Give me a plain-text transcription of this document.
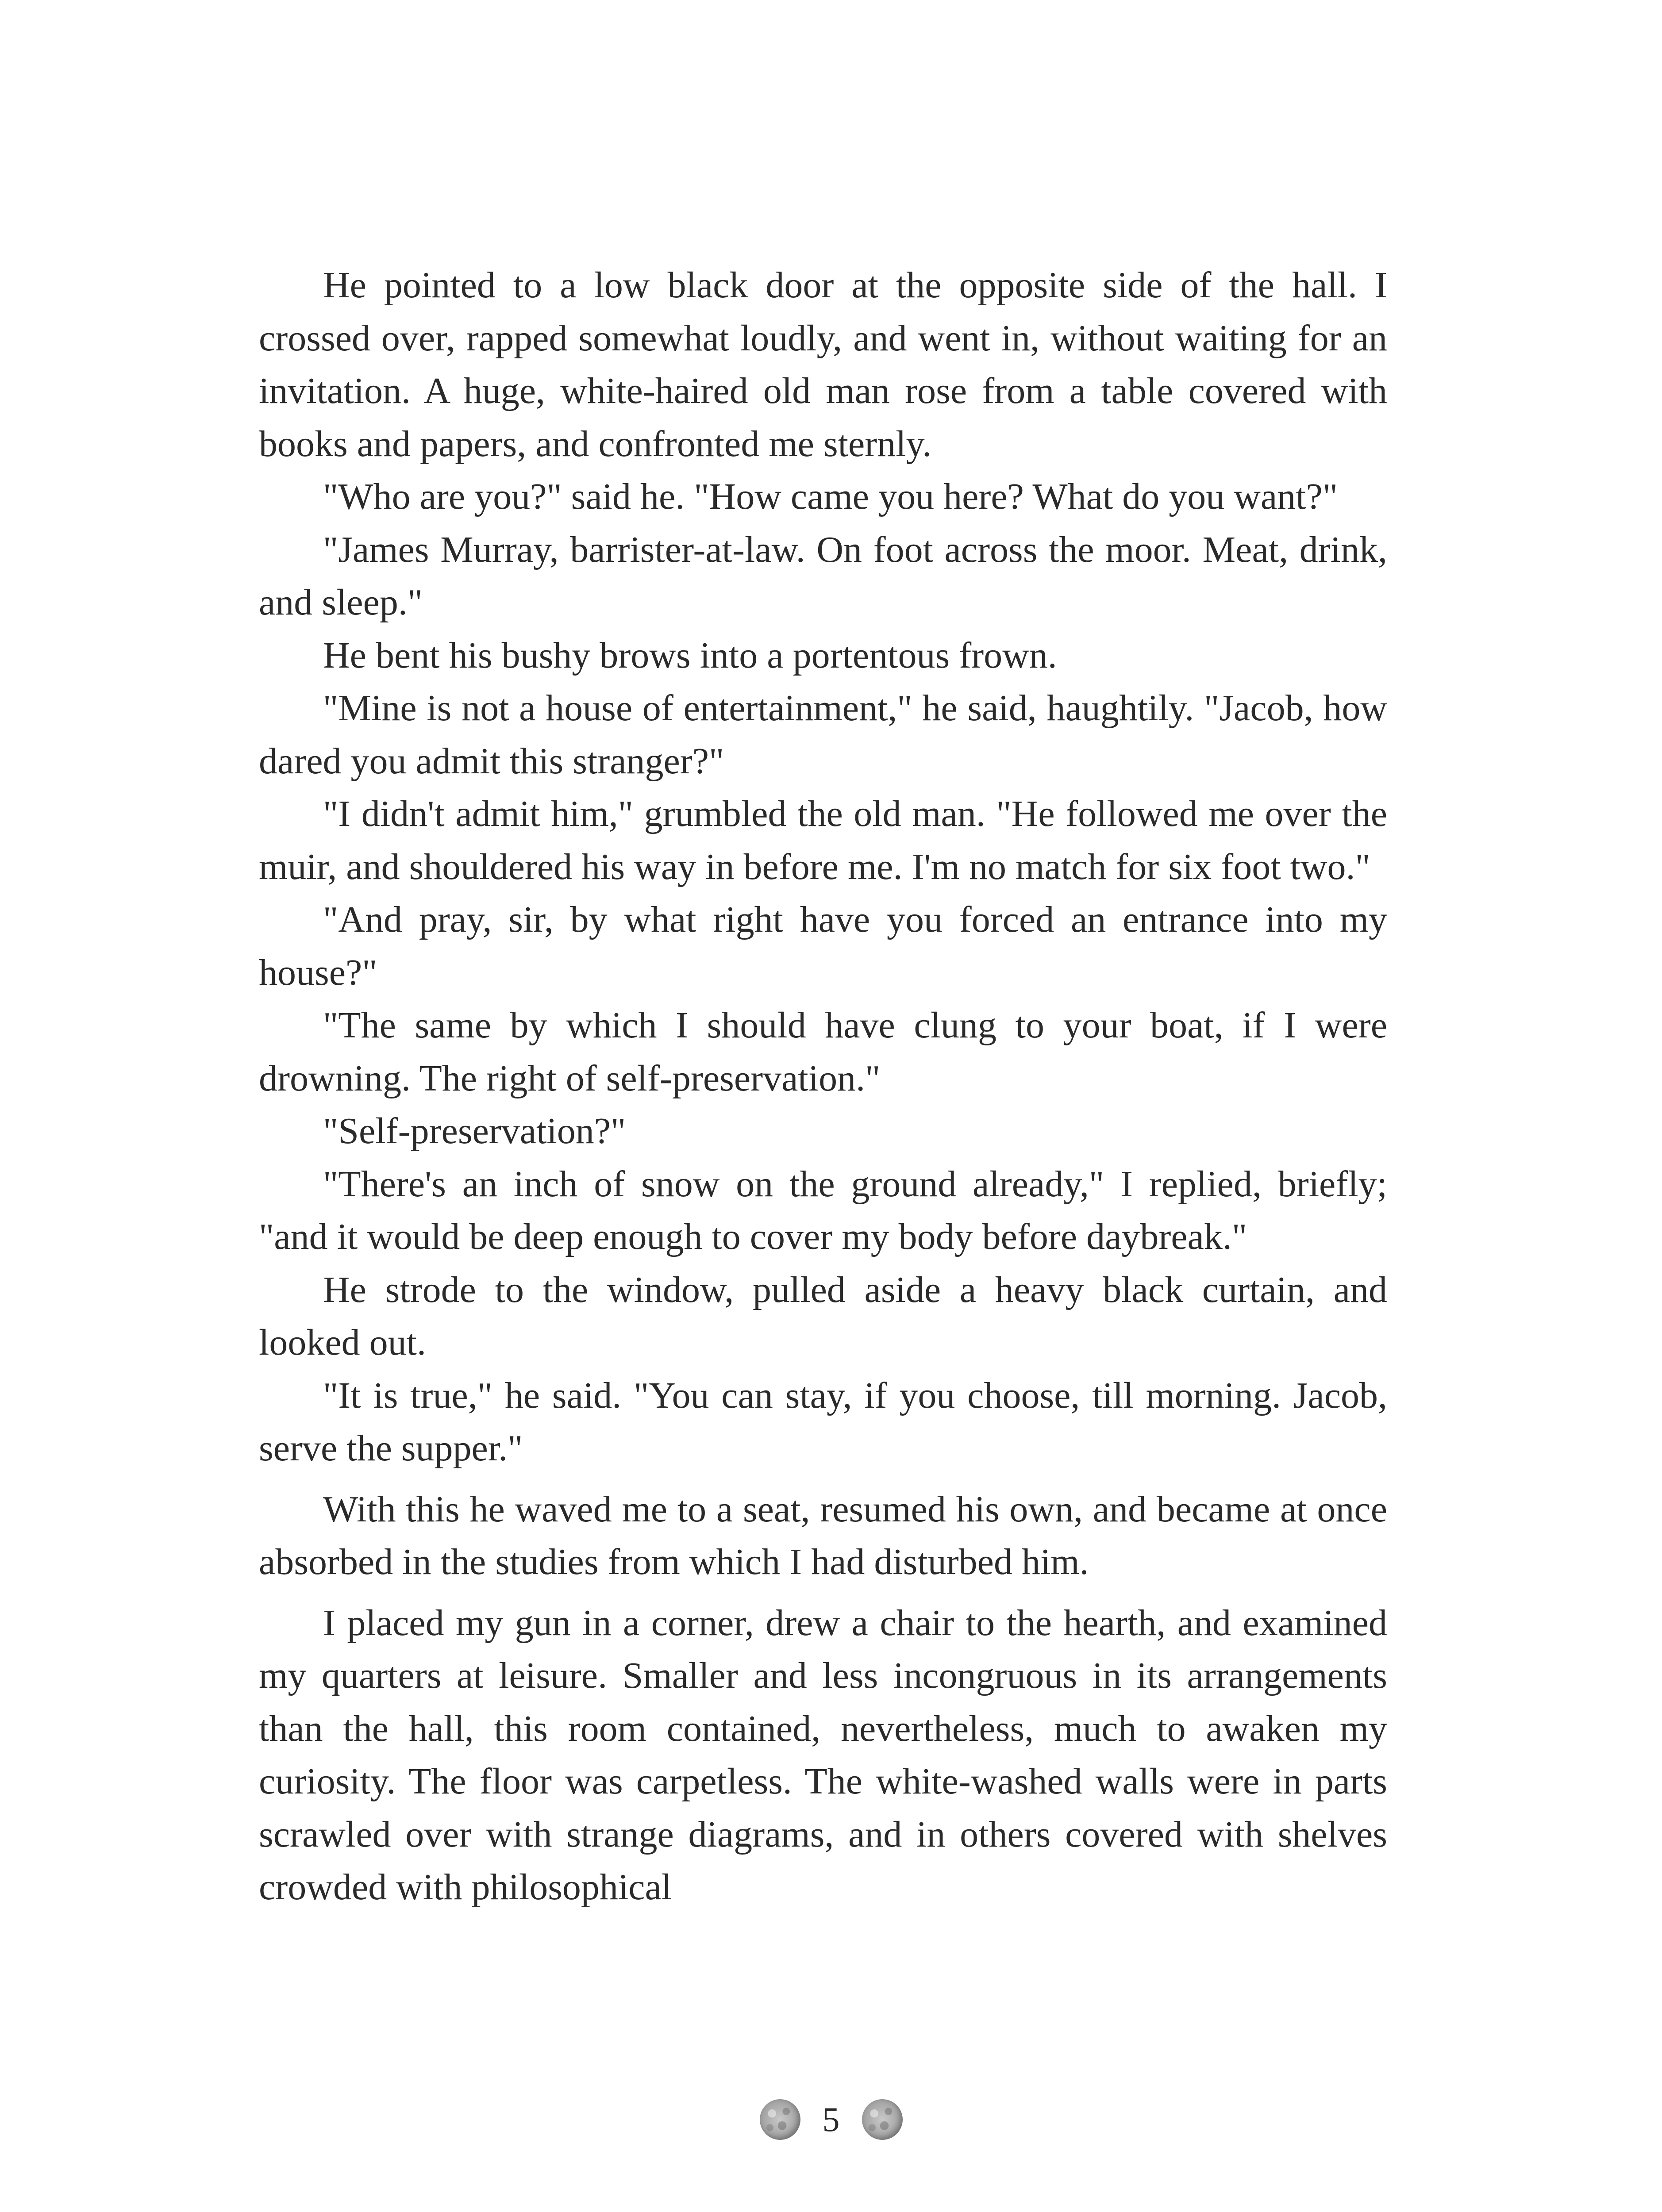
He pointed to a low black door at the opposite side of the hall. I crossed over, rapped somewhat loudly, and went in, without waiting for an invitation. A huge, white-haired old man rose from a table covered with books and papers, and confronted me sternly.

"Who are you?" said he. "How came you here? What do you want?"

"James Murray, barrister-at-law. On foot across the moor. Meat, drink, and sleep."

He bent his bushy brows into a portentous frown.

"Mine is not a house of entertainment," he said, haughtily. "Jacob, how dared you admit this stranger?"

"I didn't admit him," grumbled the old man. "He followed me over the muir, and shouldered his way in before me. I'm no match for six foot two."

"And pray, sir, by what right have you forced an entrance into my house?"

"The same by which I should have clung to your boat, if I were drowning. The right of self-preservation."

"Self-preservation?"

"There's an inch of snow on the ground already," I replied, briefly; "and it would be deep enough to cover my body before daybreak."

He strode to the window, pulled aside a heavy black curtain, and looked out.

"It is true," he said. "You can stay, if you choose, till morning. Jacob, serve the supper."

With this he waved me to a seat, resumed his own, and became at once absorbed in the studies from which I had disturbed him.

I placed my gun in a corner, drew a chair to the hearth, and examined my quarters at leisure. Smaller and less incongruous in its arrangements than the hall, this room contained, nevertheless, much to awaken my curiosity. The floor was carpetless. The white-washed walls were in parts scrawled over with strange diagrams, and in others covered with shelves crowded with philosophical

5
